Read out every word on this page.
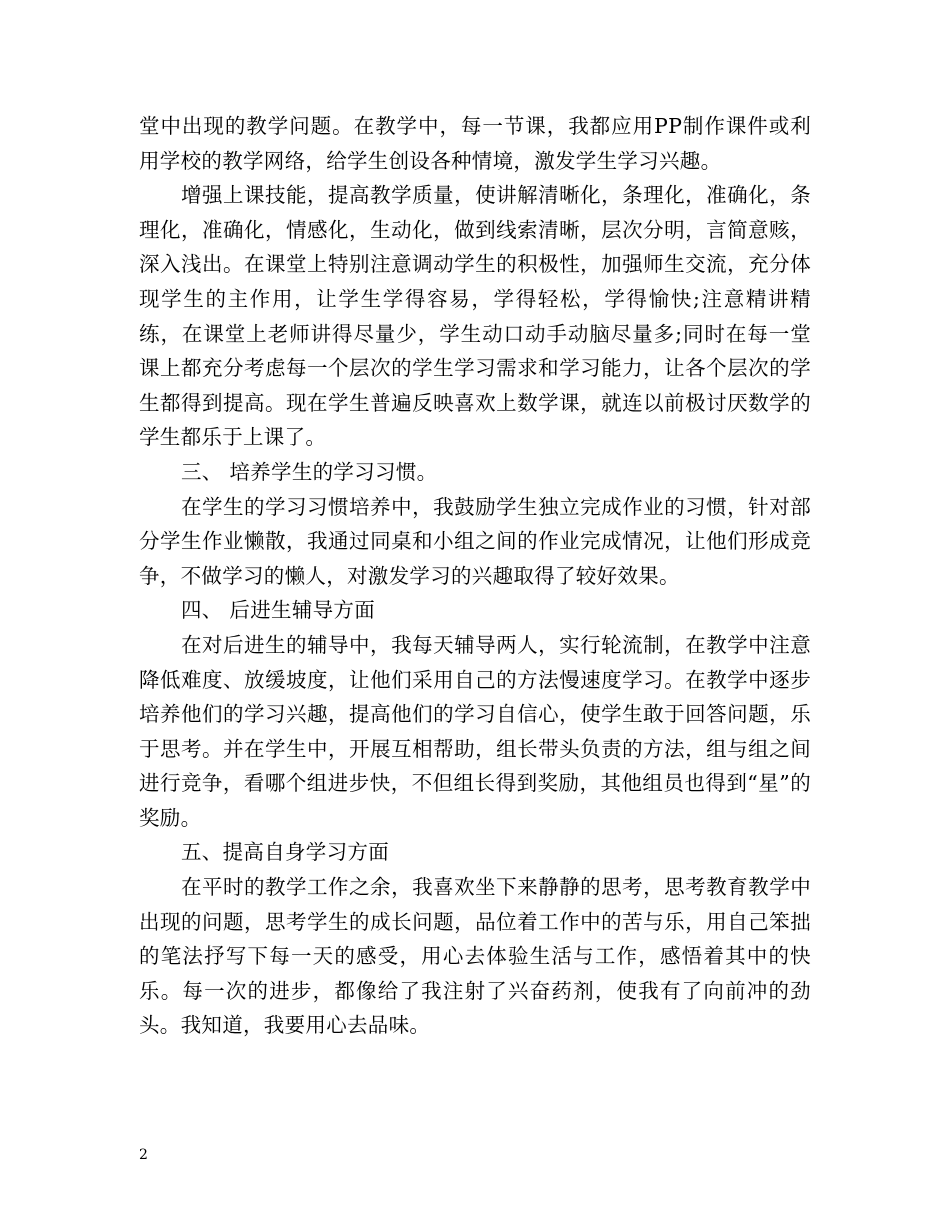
堂中出现的教学问题。在教学中，每一节课，我都应用PP制作课件或利用学校的教学网络，给学生创设各种情境，激发学生学习兴趣。

增强上课技能，提高教学质量，使讲解清晰化，条理化，准确化，条理化，准确化，情感化，生动化，做到线索清晰，层次分明，言简意赅，深入浅出。在课堂上特别注意调动学生的积极性，加强师生交流，充分体现学生的主作用，让学生学得容易，学得轻松，学得愉快;注意精讲精练，在课堂上老师讲得尽量少，学生动口动手动脑尽量多;同时在每一堂课上都充分考虑每一个层次的学生学习需求和学习能力，让各个层次的学生都得到提高。现在学生普遍反映喜欢上数学课，就连以前极讨厌数学的学生都乐于上课了。

三、 培养学生的学习习惯。

在学生的学习习惯培养中，我鼓励学生独立完成作业的习惯，针对部分学生作业懒散，我通过同桌和小组之间的作业完成情况，让他们形成竞争，不做学习的懒人，对激发学习的兴趣取得了较好效果。

四、 后进生辅导方面

在对后进生的辅导中，我每天辅导两人，实行轮流制，在教学中注意降低难度、放缓坡度，让他们采用自己的方法慢速度学习。在教学中逐步培养他们的学习兴趣，提高他们的学习自信心，使学生敢于回答问题，乐于思考。并在学生中，开展互相帮助，组长带头负责的方法，组与组之间进行竞争，看哪个组进步快，不但组长得到奖励，其他组员也得到“星”的奖励。

五、提高自身学习方面

在平时的教学工作之余，我喜欢坐下来静静的思考，思考教育教学中出现的问题，思考学生的成长问题，品位着工作中的苦与乐，用自己笨拙的笔法抒写下每一天的感受，用心去体验生活与工作，感悟着其中的快乐。每一次的进步，都像给了我注射了兴奋药剂，使我有了向前冲的劲头。我知道，我要用心去品味。

2
